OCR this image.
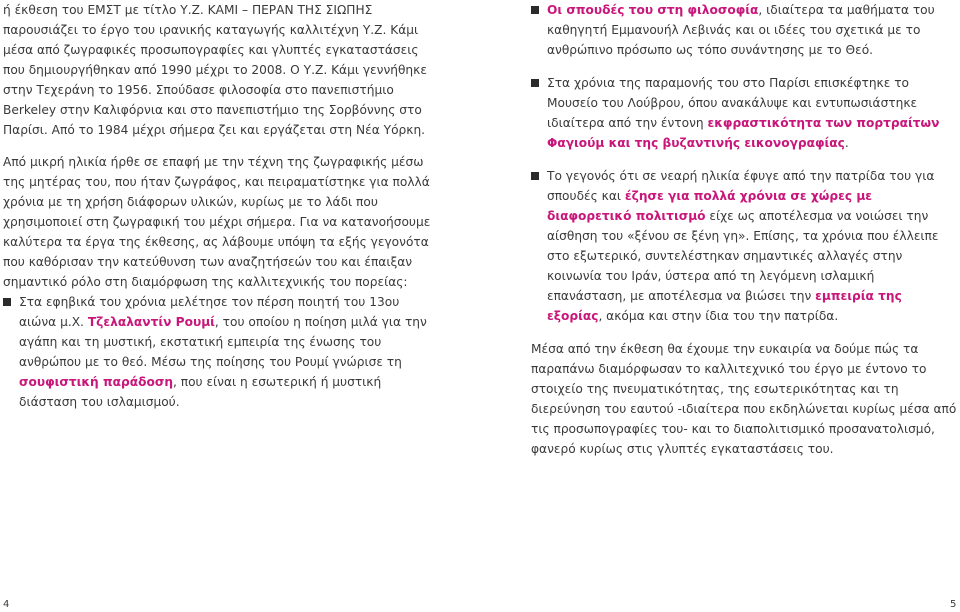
ή έκθεση του ΕΜΣΤ με τίτλο Υ.Ζ. ΚΑΜΙ – ΠΕΡΑΝ ΤΗΣ ΣΙΩΠΗΣ παρουσιάζει το έργο του ιρανικής καταγωγής καλλιτέχνη Υ.Ζ. Κάμι μέσα από ζωγραφικές προσωπογραφίες και γλυπτές εγκαταστάσεις που δημιουργήθηκαν από 1990 μέχρι το 2008. Ο Υ.Ζ. Κάμι γεννήθηκε στην Τεχεράνη το 1956. Σπούδασε φιλοσοφία στο πανεπιστήμιο Berkeley στην Καλιφόρνια και στο πανεπιστήμιο της Σορβόννης στο Παρίσι. Από το 1984 μέχρι σήμερα ζει και εργάζεται στη Νέα Υόρκη.

Από μικρή ηλικία ήρθε σε επαφή με την τέχνη της ζωγραφικής μέσω της μητέρας του, που ήταν ζωγράφος, και πειραματίστηκε για πολλά χρόνια με τη χρήση διάφορων υλικών, κυρίως με το λάδι που χρησιμοποιεί στη ζωγραφική του μέχρι σήμερα. Για να κατανοήσουμε καλύτερα τα έργα της έκθεσης, ας λάβουμε υπόψη τα εξής γεγονότα που καθόρισαν την κατεύθυνση των αναζητήσεών του και έπαιξαν σημαντικό ρόλο στη διαμόρφωση της καλλιτεχνικής του πορείας:

Στα εφηβικά του χρόνια μελέτησε τον πέρση ποιητή του 13ου αιώνα μ.Χ. Τζελαλαντίν Ρουμί, του οποίου η ποίηση μιλά για την αγάπη και τη μυστική, εκστατική εμπειρία της ένωσης του ανθρώπου με το θεό. Μέσω της ποίησης του Ρουμί γνώρισε τη σουφιστική παράδοση, που είναι η εσωτερική ή μυστική διάσταση του ισλαμισμού.

Οι σπουδές του στη φιλοσοφία, ιδιαίτερα τα μαθήματα του καθηγητή Εμμανουήλ Λεβινάς και οι ιδέες του σχετικά με το ανθρώπινο πρόσωπο ως τόπο συνάντησης με το Θεό.

Στα χρόνια της παραμονής του στο Παρίσι επισκέφτηκε το Μουσείο του Λούβρου, όπου ανακάλυψε και εντυπωσιάστηκε ιδιαίτερα από την έντονη εκφραστικότητα των πορτραίτων Φαγιούμ και της βυζαντινής εικονογραφίας.

Το γεγονός ότι σε νεαρή ηλικία έφυγε από την πατρίδα του για σπουδές και έζησε για πολλά χρόνια σε χώρες με διαφορετικό πολιτισμό είχε ως αποτέλεσμα να νοιώσει την αίσθηση του «ξένου σε ξένη γη». Επίσης, τα χρόνια που έλλειπε στο εξωτερικό, συντελέστηκαν σημαντικές αλλαγές στην κοινωνία του Ιράν, ύστερα από τη λεγόμενη ισλαμική επανάσταση, με αποτέλεσμα να βιώσει την εμπειρία της εξορίας, ακόμα και στην ίδια του την πατρίδα.

Μέσα από την έκθεση θα έχουμε την ευκαιρία να δούμε πώς τα παραπάνω διαμόρφωσαν το καλλιτεχνικό του έργο με έντονο το στοιχείο της πνευματικότητας, της εσωτερικότητας και τη διερεύνηση του εαυτού -ιδιαίτερα που εκδηλώνεται κυρίως μέσα από τις προσωπογραφίες του- και το διαπολιτισμικό προσανατολισμό, φανερό κυρίως στις γλυπτές εγκαταστάσεις του.

4	5
